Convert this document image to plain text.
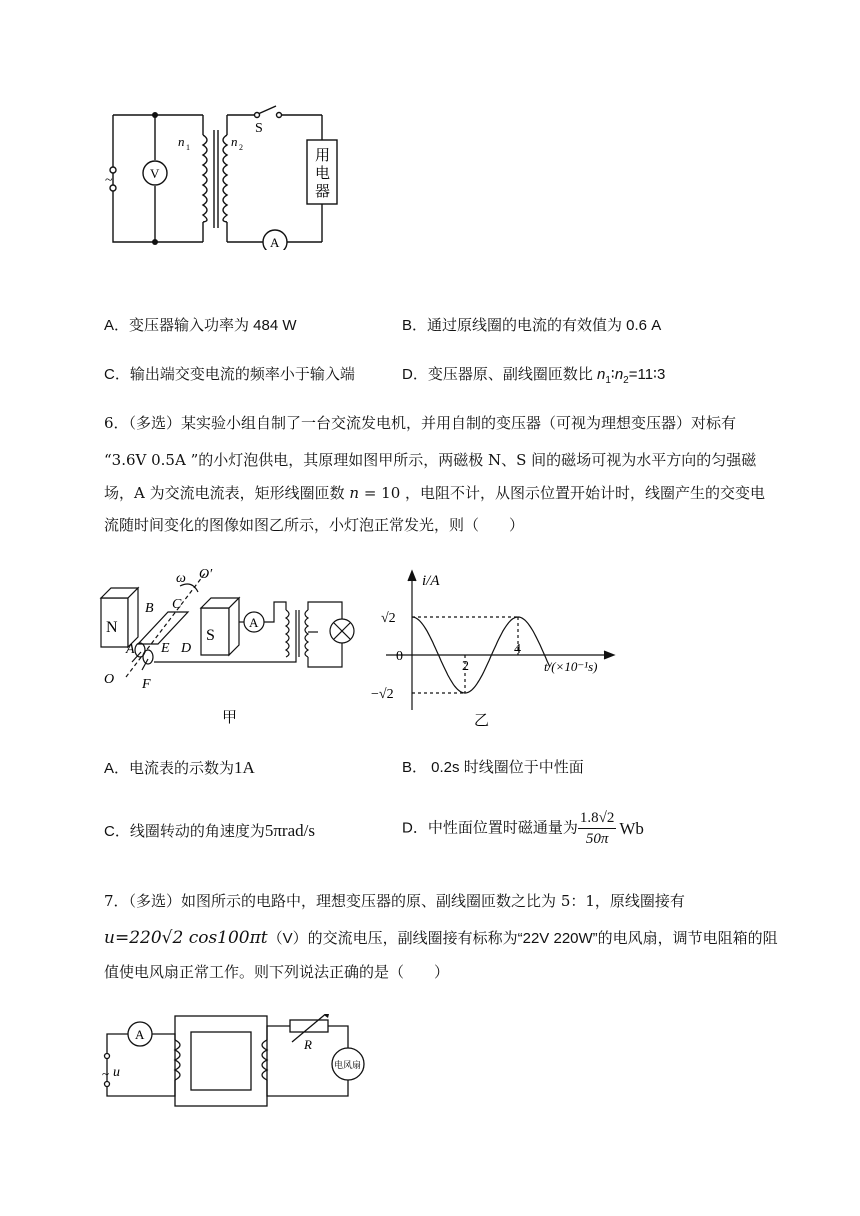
~	V
A
S
n 1	n 2
用
电
器
A．变压器输入功率为 484 W	B．通过原线圈的电流的有效值为 0.6 A
C．输出端交变电流的频率小于输入端	D．变压器原、副线圈匝数比 $n_1∶n_2=11∶3$
6．（多选）某实验小组自制了一台交流发电机，并用自制的变压器（可视为理想变压器）对标有
“3.6V 0.5A ”的小灯泡供电，其原理如图甲所示，两磁极 N、S 间的磁场可视为水平方向的匀强磁
场，A 为交流电流表，矩形线圈匝数 n = 10 ，电阻不计，从图示位置开始计时，线圈产生的交变电
流随时间变化的图像如图乙所示，小灯泡正常发光，则（　　）
N	S
A
B C
D
E
A
F
O
O′
ω
甲
i/A
√2
0
−√2
2
4
t/(×10⁻¹s)
乙
A．电流表的示数为1A	B． 0.2s 时线圈位于中性面
C．线圈转动的角速度为5πrad/s	D．中性面位置时磁通量为 $\frac{1.8√2}{50\pi}$ Wb
7．（多选）如图所示的电路中，理想变压器的原、副线圈匝数之比为 5：1，原线圈接有
u=220√2 cos100πt（V）的交流电压，副线圈接有标称为“22V 220W”的电风扇，调节电阻箱的阻
值使电风扇正常工作。则下列说法正确的是（　　）
A
~ u
R
电风扇
